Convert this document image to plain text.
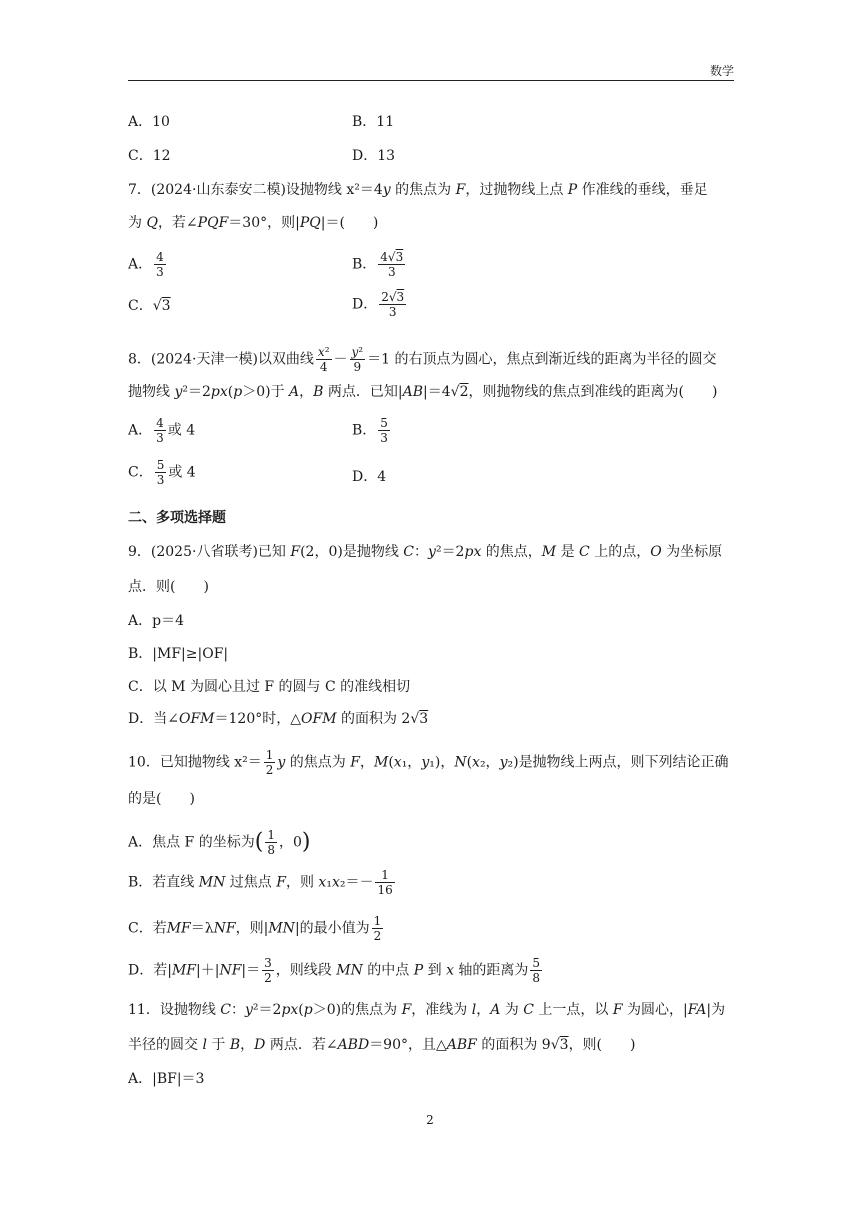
数学
A．10	B．11
C．12	D．13
7．(2024·山东泰安二模)设抛物线 x²＝4y 的焦点为 F，过抛物线上点 P 作准线的垂线，垂足
为 Q，若∠PQF＝30°，则|PQ|＝(　　)
A． $\frac{4}{3}$	B． $\frac{4√3}{3}$
C．√3	D． $\frac{2√3}{3}$
8．(2024·天津一模)以双曲线 $\frac{\text{x²}}{4} - \frac{\text{y²}}{9} =1$ 的右顶点为圆心，焦点到渐近线的距离为半径的圆交
抛物线 y²＝2px(p＞0)于 A，B 两点．已知|AB|＝4√2，则抛物线的焦点到准线的距离为(　　)
A． $\frac{4}{3}$ 或 4	B． $\frac{5}{3}$
C． $\frac{5}{3}$ 或 4	D．4
二、多项选择题
9．(2025·八省联考)已知 F(2，0)是抛物线 C：y²＝2px 的焦点，M 是 C 上的点，O 为坐标原
点．则(　　)
A．p＝4
B．|MF|≥|OF|
C．以 M 为圆心且过 F 的圆与 C 的准线相切
D．当∠OFM＝120°时，△OFM 的面积为 2√3
10．已知抛物线 $x^2= \frac{1}{2}$ y 的焦点为 F，M(x₁，y₁)，N(x₂，y₂)是抛物线上两点，则下列结论正确
的是(　　)
A．焦点 F 的坐标为( $\frac{1}{8}$ ，0)
B．若直线 MN 过焦点 F，则 $x_1x_2=- \frac{1}{16}$
C．若MF＝λNF，则|MN|的最小值为 $\frac{1}{2}$
D．若$|MF|+|NF|= \frac{3}{2}$ ，则线段 MN 的中点 P 到 x 轴的距离为 $\frac{5}{8}$
11．设抛物线 C：y²＝2px(p＞0)的焦点为 F，准线为 l，A 为 C 上一点，以 F 为圆心，|FA|为
半径的圆交 l 于 B，D 两点．若∠ABD＝90°，且△ABF 的面积为 9√3，则(　　)
A．|BF|＝3
2
